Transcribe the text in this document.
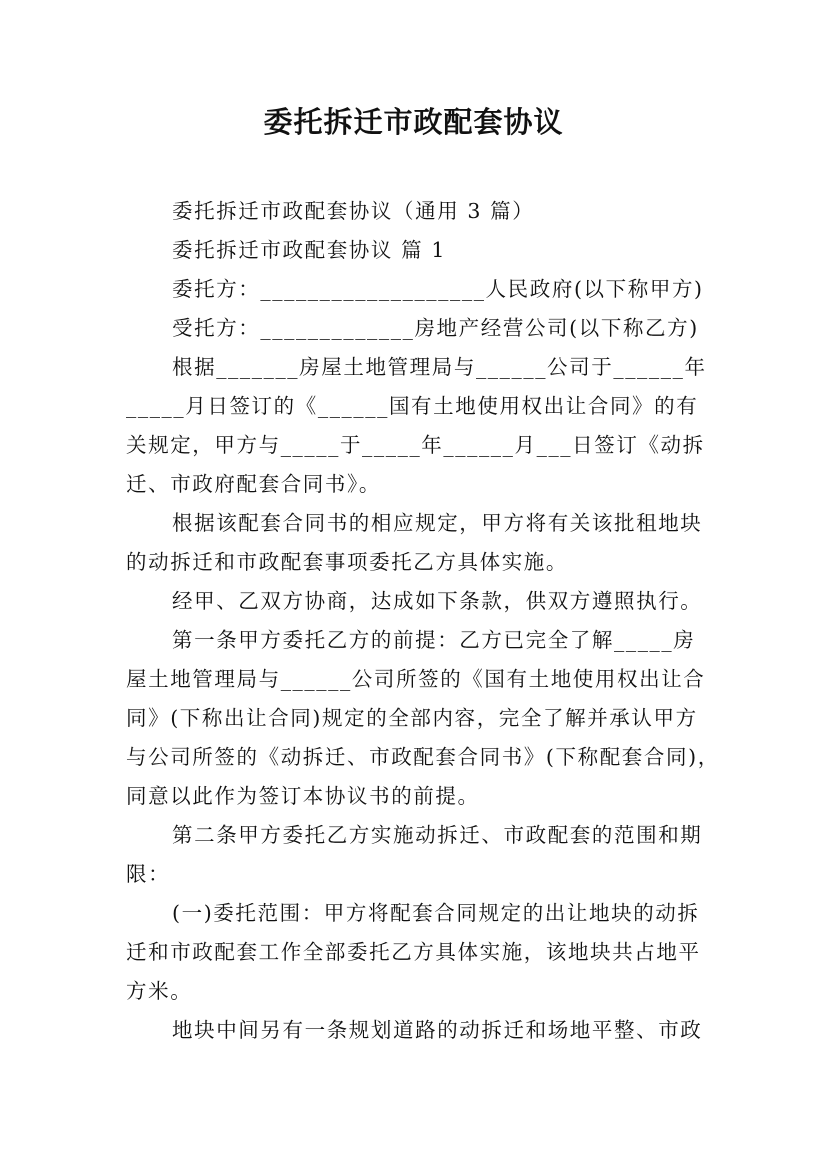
委托拆迁市政配套协议
委托拆迁市政配套协议（通用 3 篇）
委托拆迁市政配套协议 篇 1
委托方：___________________人民政府(以下称甲方)
受托方：_____________房地产经营公司(以下称乙方)
根据_______房屋土地管理局与______公司于______年
_____月日签订的《______国有土地使用权出让合同》的有
关规定，甲方与_____于_____年______月___日签订《动拆
迁、市政府配套合同书》。
根据该配套合同书的相应规定，甲方将有关该批租地块
的动拆迁和市政配套事项委托乙方具体实施。
经甲、乙双方协商，达成如下条款，供双方遵照执行。
第一条甲方委托乙方的前提：乙方已完全了解_____房
屋土地管理局与______公司所签的《国有土地使用权出让合
同》(下称出让合同)规定的全部内容，完全了解并承认甲方
与公司所签的《动拆迁、市政配套合同书》(下称配套合同)，
同意以此作为签订本协议书的前提。
第二条甲方委托乙方实施动拆迁、市政配套的范围和期
限：
(一)委托范围：甲方将配套合同规定的出让地块的动拆
迁和市政配套工作全部委托乙方具体实施，该地块共占地平
方米。
地块中间另有一条规划道路的动拆迁和场地平整、市政
